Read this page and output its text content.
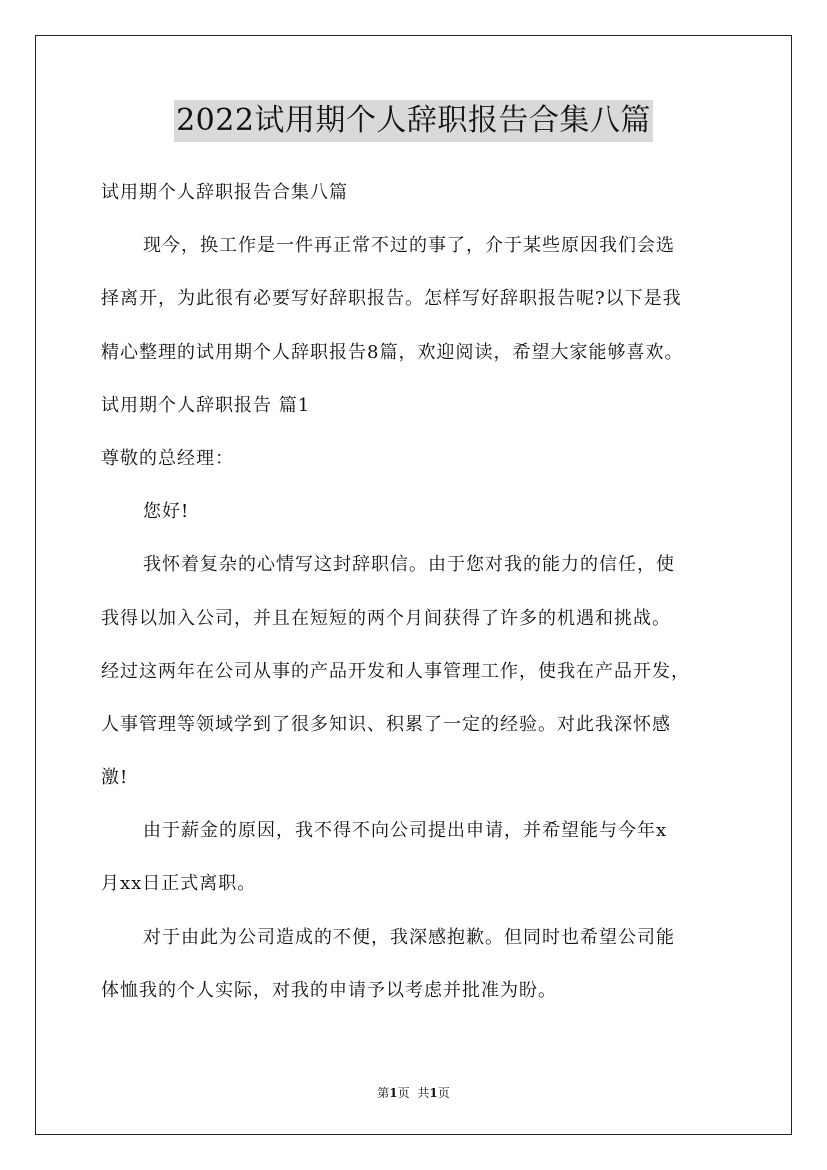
2022试用期个人辞职报告合集八篇
试用期个人辞职报告合集八篇
现今，换工作是一件再正常不过的事了，介于某些原因我们会选
择离开，为此很有必要写好辞职报告。怎样写好辞职报告呢?以下是我
精心整理的试用期个人辞职报告8篇，欢迎阅读，希望大家能够喜欢。
试用期个人辞职报告 篇1
尊敬的总经理：
您好!
我怀着复杂的心情写这封辞职信。由于您对我的能力的信任，使
我得以加入公司，并且在短短的两个月间获得了许多的机遇和挑战。
经过这两年在公司从事的产品开发和人事管理工作，使我在产品开发，
人事管理等领域学到了很多知识、积累了一定的经验。对此我深怀感
激!
由于薪金的原因，我不得不向公司提出申请，并希望能与今年x
月xx日正式离职。
对于由此为公司造成的不便，我深感抱歉。但同时也希望公司能
体恤我的个人实际，对我的申请予以考虑并批准为盼。
第1页 共1页
